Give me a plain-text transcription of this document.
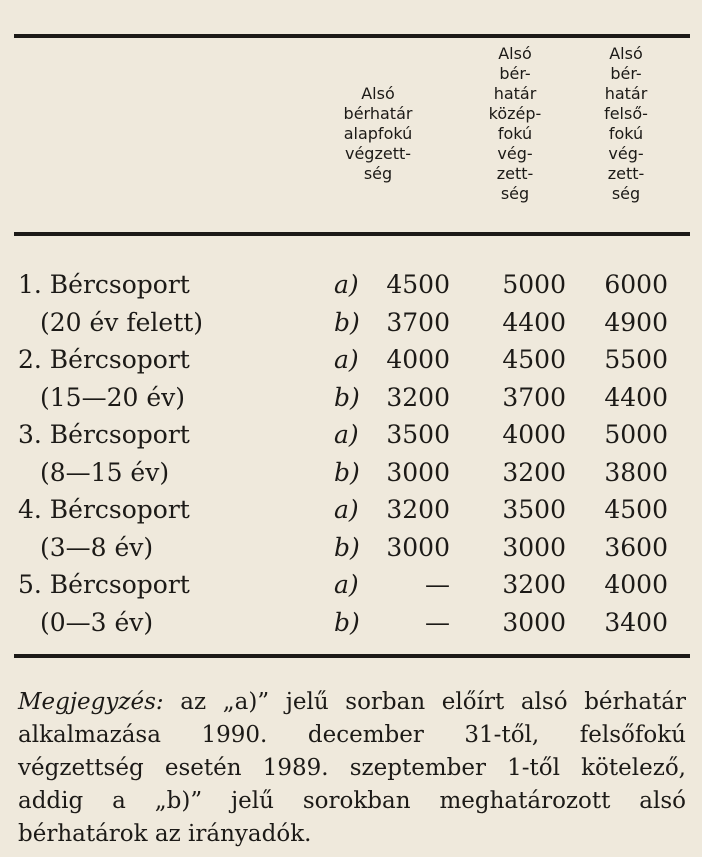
Alsó
bérhatár
alapfokú
végzett-
ség
Alsó
bér-
határ
közép-
fokú
vég-
zett-
ség
Alsó
bér-
határ
felső-
fokú
vég-
zett-
ség
1. Bércsoport	a) 4500 5000 6000
(20 év felett)	b) 3700 4400 4900
2. Bércsoport	a) 4000 4500 5500
(15—20 év)	b) 3200 3700 4400
3. Bércsoport	a) 3500 4000 5000
(8—15 év)	b) 3000 3200 3800
4. Bércsoport	a) 3200 3500 4500
(3—8 év)	b) 3000 3000 3600
5. Bércsoport	a)	— 3200 4000
(0—3 év)	b)	— 3000 3400
Megjegyzés: az „a)” jelű sorban előírt alsó bérhatár alkalmazása 1990. december 31-től, felsőfokú végzettség esetén 1989. szeptember 1-től kötelező, addig a „b)” jelű sorokban meghatározott alsó bérhatárok az irányadók.
